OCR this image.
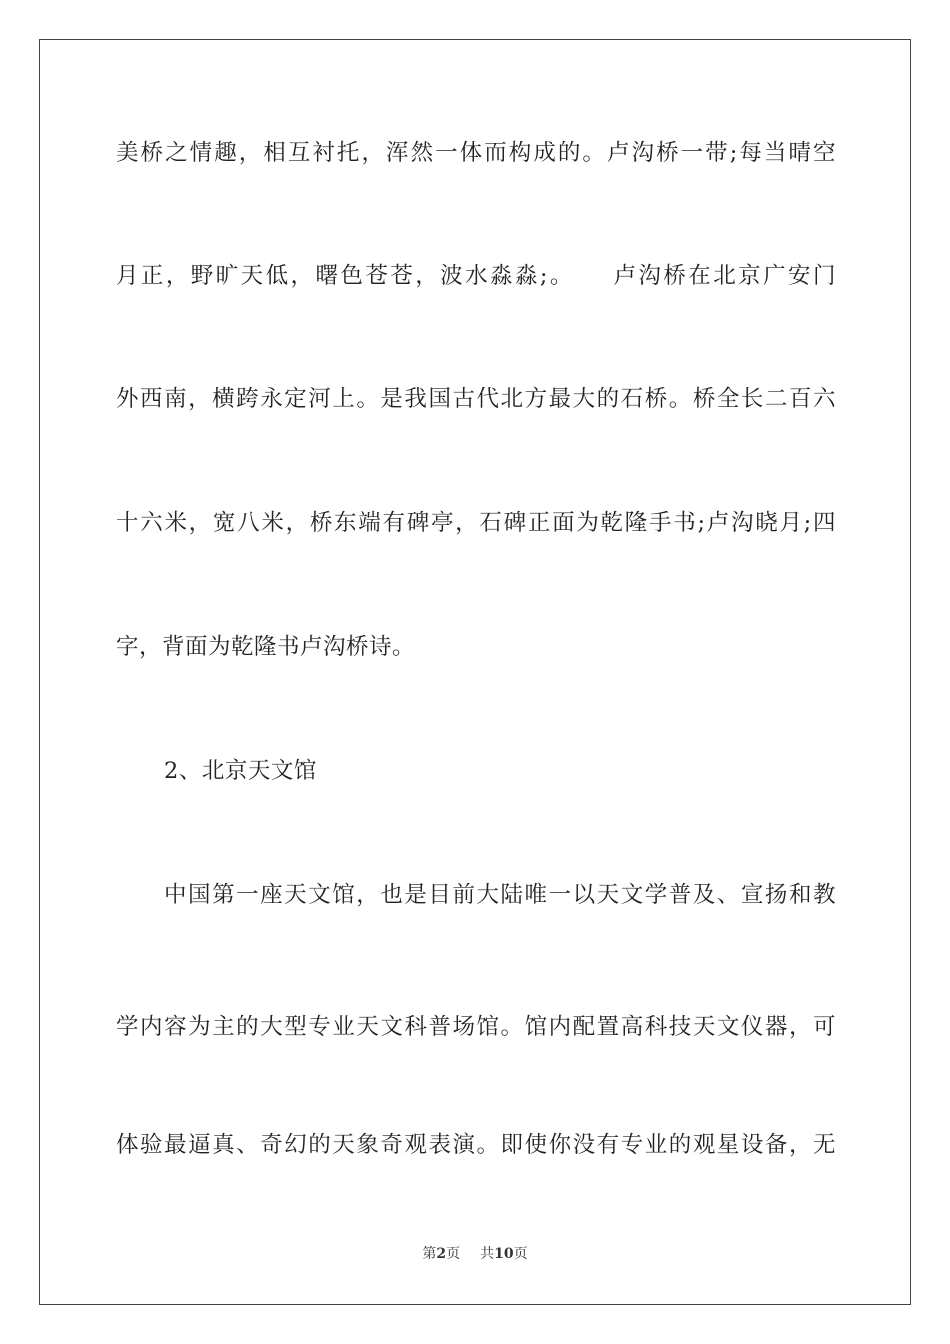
美桥之情趣，相互衬托，浑然一体而构成的。卢沟桥一带;每当晴空
月正，野旷天低，曙色苍苍，波水淼淼;。　　卢沟桥在北京广安门
外西南，横跨永定河上。是我国古代北方最大的石桥。桥全长二百六
十六米，宽八米，桥东端有碑亭，石碑正面为乾隆手书;卢沟晓月;四
字，背面为乾隆书卢沟桥诗。
2、北京天文馆
中国第一座天文馆，也是目前大陆唯一以天文学普及、宣扬和教
学内容为主的大型专业天文科普场馆。馆内配置高科技天文仪器，可
体验最逼真、奇幻的天象奇观表演。即使你没有专业的观星设备，无
第2页 共10页
